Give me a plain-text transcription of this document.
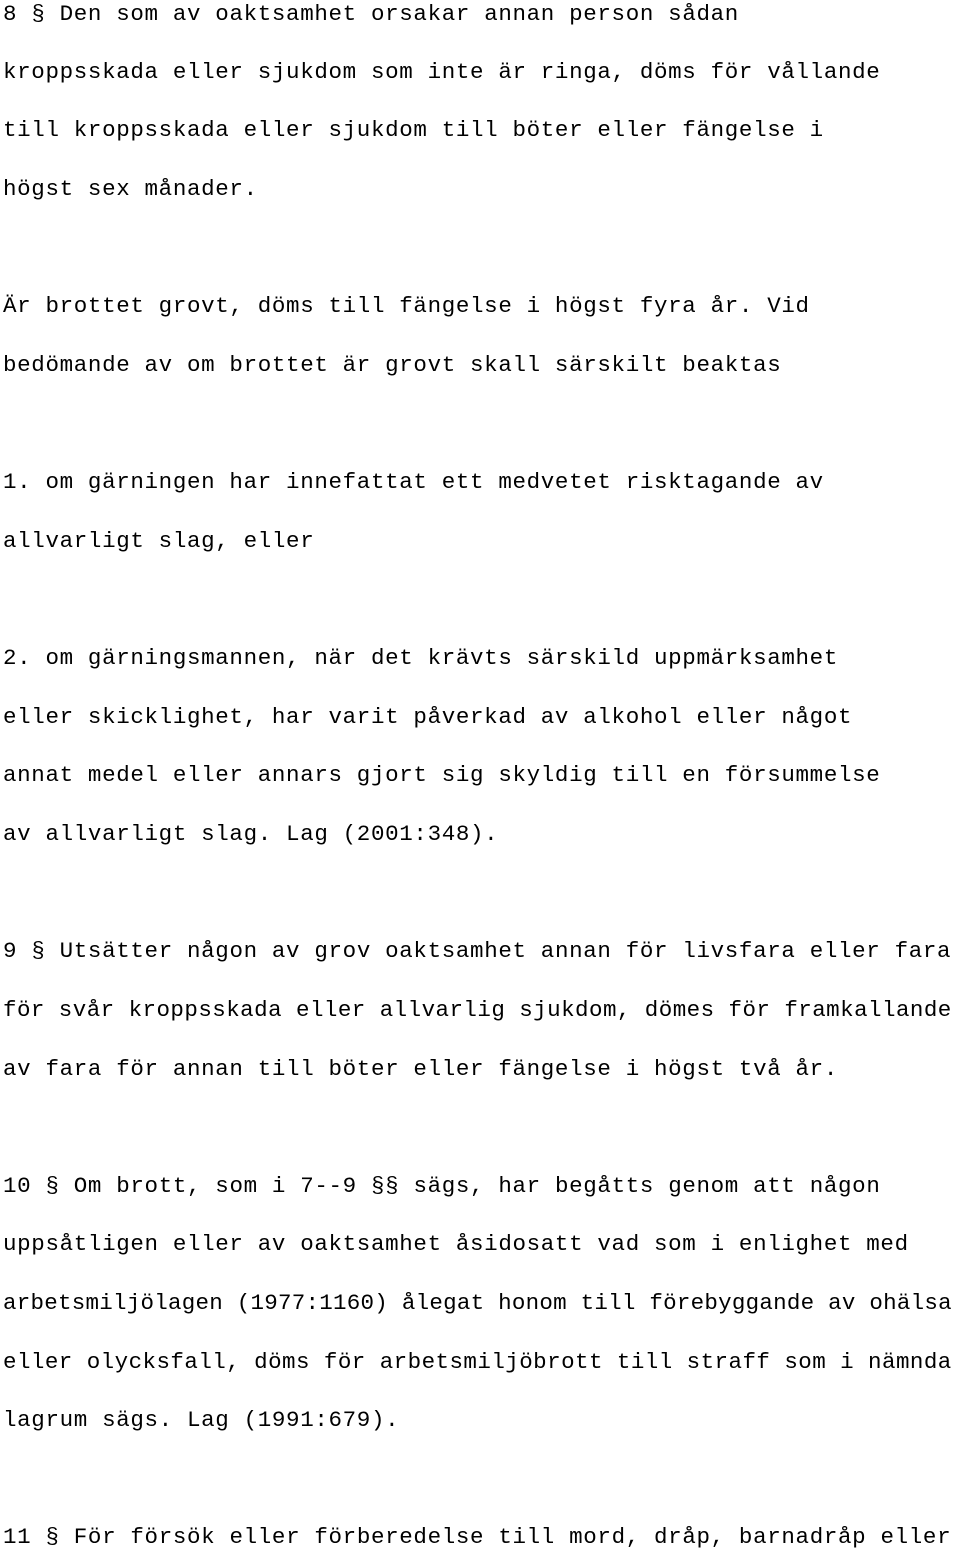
8 § Den som av oaktsamhet orsakar annan person sådan
kroppsskada eller sjukdom som inte är ringa, döms för vållande
till kroppsskada eller sjukdom till böter eller fängelse i
högst sex månader.
Är brottet grovt, döms till fängelse i högst fyra år. Vid
bedömande av om brottet är grovt skall särskilt beaktas
1. om gärningen har innefattat ett medvetet risktagande av
allvarligt slag, eller
2. om gärningsmannen, när det krävts särskild uppmärksamhet
eller skicklighet, har varit påverkad av alkohol eller något
annat medel eller annars gjort sig skyldig till en försummelse
av allvarligt slag. Lag (2001:348).
9 § Utsätter någon av grov oaktsamhet annan för livsfara eller fara
för svår kroppsskada eller allvarlig sjukdom, dömes för framkallande
av fara för annan till böter eller fängelse i högst två år.
10 § Om brott, som i 7--9 §§ sägs, har begåtts genom att någon
uppsåtligen eller av oaktsamhet åsidosatt vad som i enlighet med
arbetsmiljölagen (1977:1160) ålegat honom till förebyggande av ohälsa
eller olycksfall, döms för arbetsmiljöbrott till straff som i nämnda
lagrum sägs. Lag (1991:679).
11 § För försök eller förberedelse till mord, dråp, barnadråp eller
